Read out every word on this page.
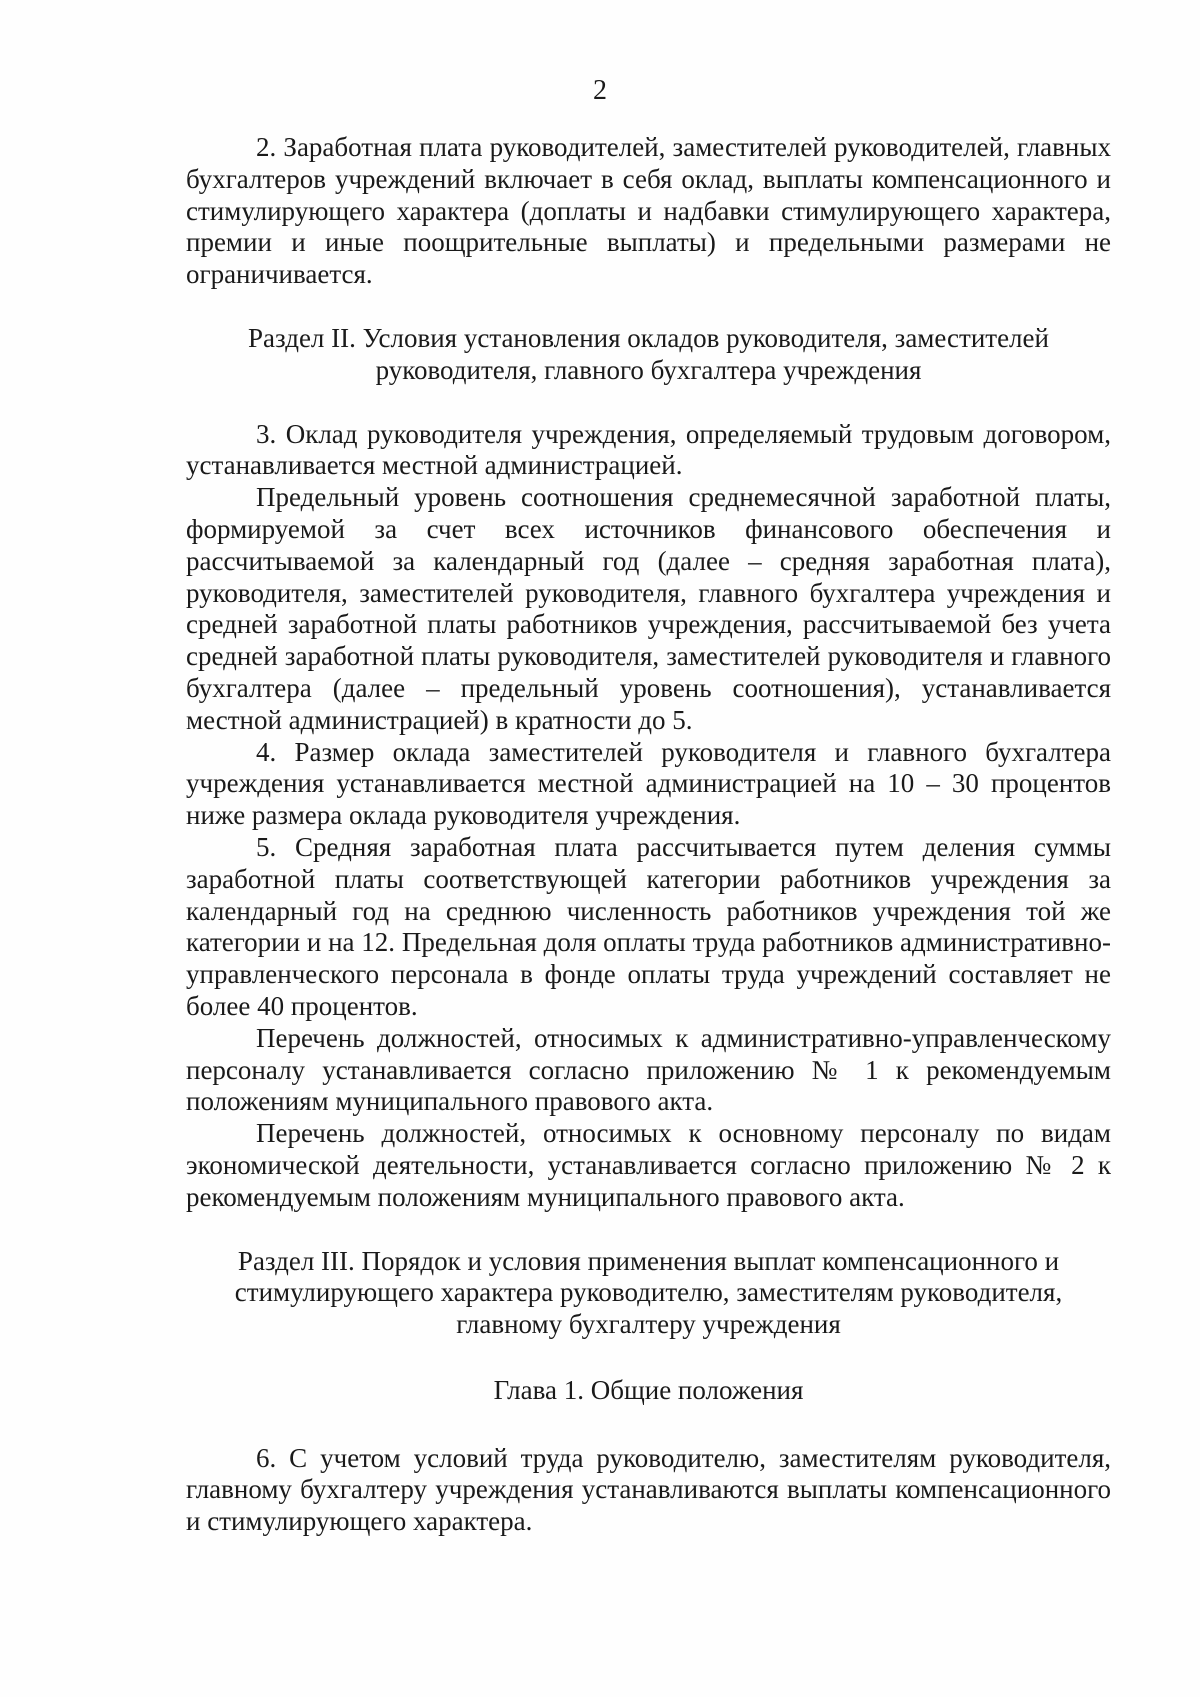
2

2. Заработная плата руководителей, заместителей руководителей, главных бухгалтеров учреждений включает в себя оклад, выплаты компенсационного и стимулирующего характера (доплаты и надбавки стимулирующего характера, премии и иные поощрительные выплаты) и предельными размерами не ограничивается.

Раздел II. Условия установления окладов руководителя, заместителей

руководителя, главного бухгалтера учреждения

3. Оклад руководителя учреждения, определяемый трудовым договором, устанавливается местной администрацией.

Предельный уровень соотношения среднемесячной заработной платы, формируемой за счет всех источников финансового обеспечения и рассчитываемой за календарный год (далее – средняя заработная плата), руководителя, заместителей руководителя, главного бухгалтера учреждения и средней заработной платы работников учреждения, рассчитываемой без учета средней заработной платы руководителя, заместителей руководителя и главного бухгалтера (далее – предельный уровень соотношения), устанавливается местной администрацией) в кратности до 5.

4. Размер оклада заместителей руководителя и главного бухгалтера учреждения устанавливается местной администрацией на 10 – 30 процентов ниже размера оклада руководителя учреждения.

5. Средняя заработная плата рассчитывается путем деления суммы заработной платы соответствующей категории работников учреждения за календарный год на среднюю численность работников учреждения той же категории и на 12. Предельная доля оплаты труда работников административно-управленческого персонала в фонде оплаты труда учреждений составляет не более 40 процентов.

Перечень должностей, относимых к административно-управленческому персоналу устанавливается согласно приложению № 1 к рекомендуемым положениям муниципального правового акта.

Перечень должностей, относимых к основному персоналу по видам экономической деятельности, устанавливается согласно приложению № 2 к рекомендуемым положениям муниципального правового акта.

Раздел III. Порядок и условия применения выплат компенсационного и

стимулирующего характера руководителю, заместителям руководителя,

главному бухгалтеру учреждения

Глава 1. Общие положения

6. С учетом условий труда руководителю, заместителям руководителя, главному бухгалтеру учреждения устанавливаются выплаты компенсационного и стимулирующего характера.
